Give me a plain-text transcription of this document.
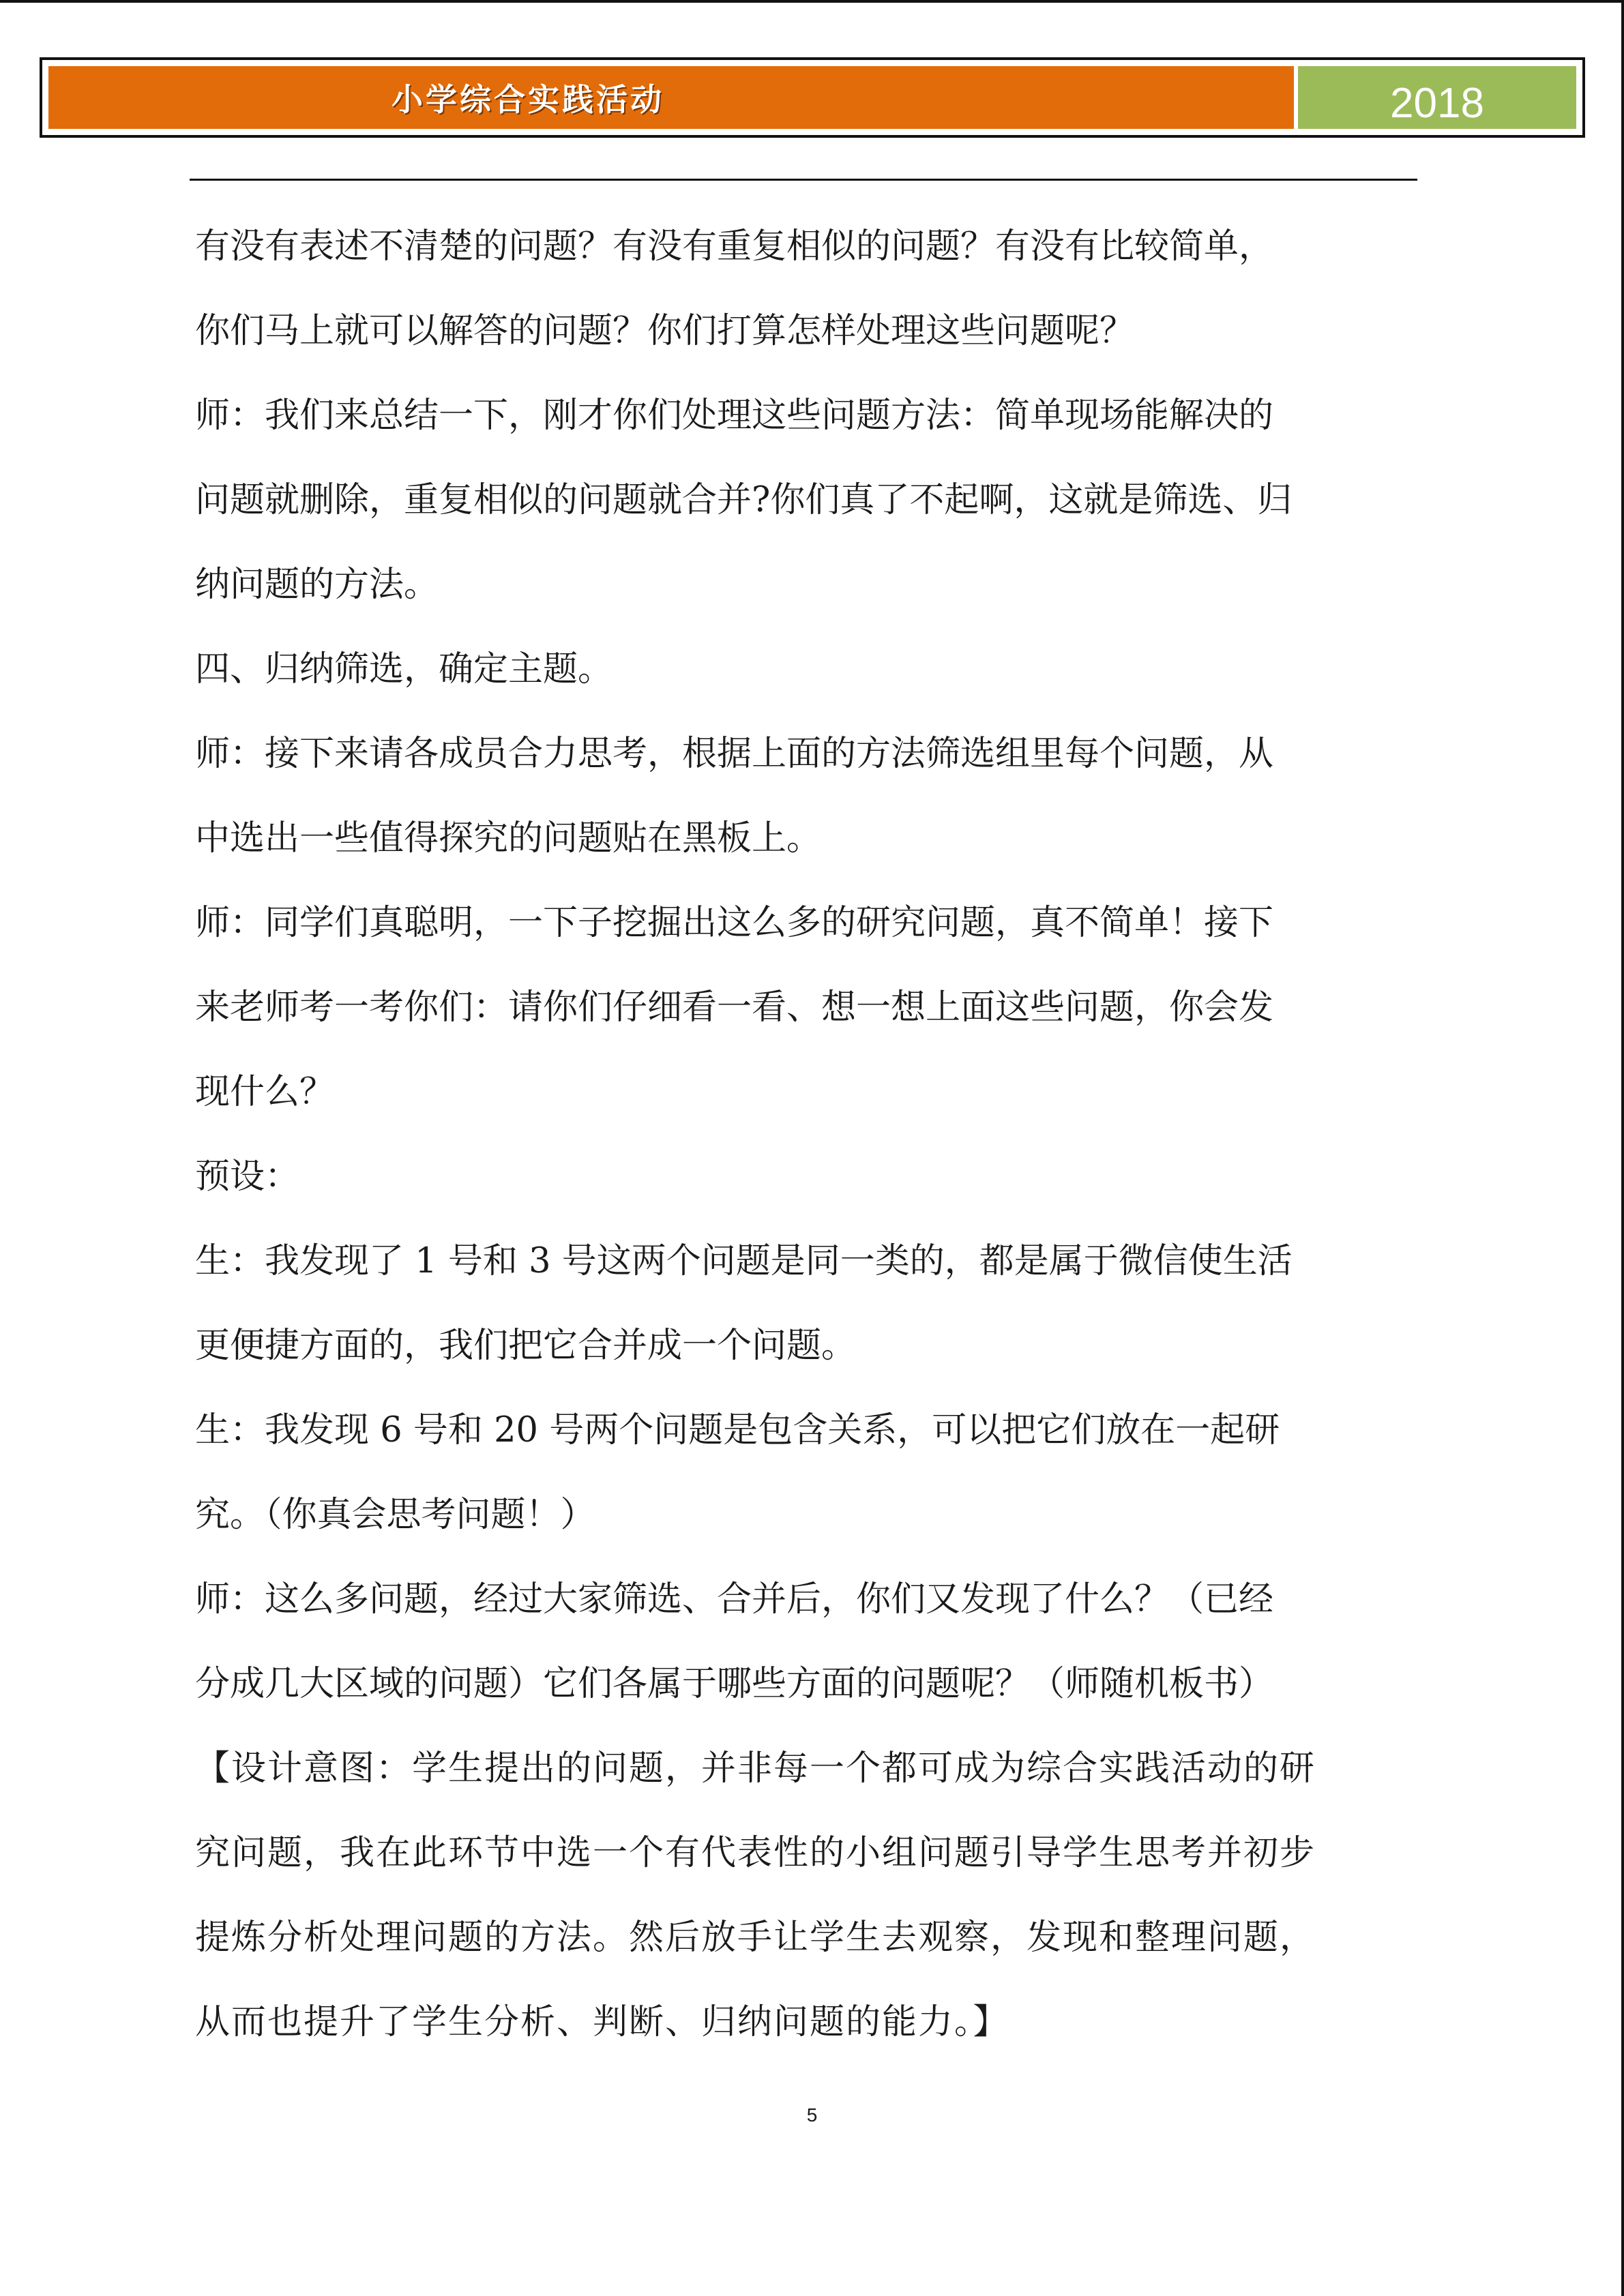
小学综合实践活动	2018

有没有表述不清楚的问题？有没有重复相似的问题？有没有比较简单，

你们马上就可以解答的问题？你们打算怎样处理这些问题呢？

师：我们来总结一下，刚才你们处理这些问题方法：简单现场能解决的

问题就删除，重复相似的问题就合并?你们真了不起啊，这就是筛选、归

纳问题的方法。

四、归纳筛选，确定主题。

师：接下来请各成员合力思考，根据上面的方法筛选组里每个问题，从

中选出一些值得探究的问题贴在黑板上。

师：同学们真聪明，一下子挖掘出这么多的研究问题，真不简单！接下

来老师考一考你们：请你们仔细看一看、想一想上面这些问题，你会发

现什么？

预设：

生：我发现了 1 号和 3 号这两个问题是同一类的，都是属于微信使生活

更便捷方面的，我们把它合并成一个问题。

生：我发现 6 号和 20 号两个问题是包含关系，可以把它们放在一起研

究。（你真会思考问题！）

师：这么多问题，经过大家筛选、合并后，你们又发现了什么？（已经

分成几大区域的问题）它们各属于哪些方面的问题呢？（师随机板书）

【设计意图：学生提出的问题，并非每一个都可成为综合实践活动的研

究问题，我在此环节中选一个有代表性的小组问题引导学生思考并初步

提炼分析处理问题的方法。然后放手让学生去观察，发现和整理问题，

从而也提升了学生分析、判断、归纳问题的能力。】

5
